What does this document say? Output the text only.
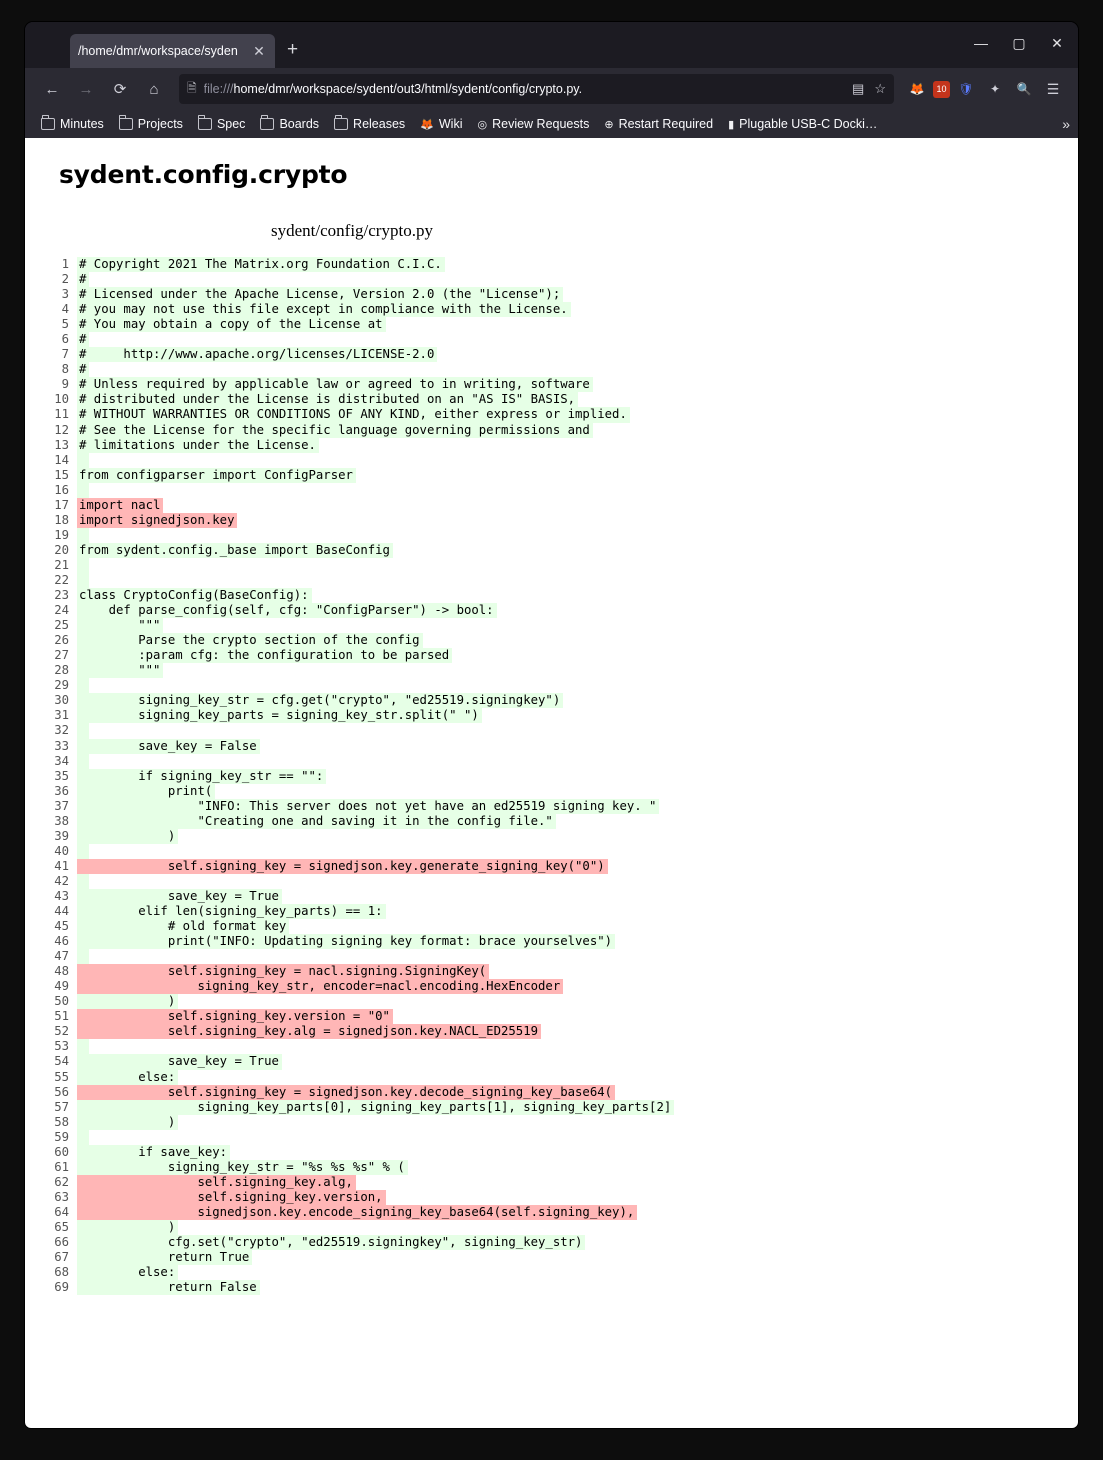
/home/dmr/workspace/syden	✕ +	—	▢	✕
←	→	⟳	⌂	🗎 file:///home/dmr/workspace/sydent/out3/html/sydent/config/crypto.py.	▤ ☆	🦊	10 🛡	✦	🔍	☰
Minutes	Projects	Spec	Boards	Releases 🦊 Wiki ◎ Review Requests ⊕ Restart Required ▮ Plugable USB-C Docki…	»
sydent.config.crypto
sydent/config/crypto.py
1 # Copyright 2021 The Matrix.org Foundation C.I.C.
2 #
3 # Licensed under the Apache License, Version 2.0 (the "License");
4 # you may not use this file except in compliance with the License.
5 # You may obtain a copy of the License at
6 #
7 #     http://www.apache.org/licenses/LICENSE-2.0
8 #
9 # Unless required by applicable law or agreed to in writing, software
10 # distributed under the License is distributed on an "AS IS" BASIS,
11 # WITHOUT WARRANTIES OR CONDITIONS OF ANY KIND, either express or implied.
12 # See the License for the specific language governing permissions and
13 # limitations under the License.
14

15 from configparser import ConfigParser
16

17 import nacl
18 import signedjson.key
19

20 from sydent.config._base import BaseConfig
21

22

23 class CryptoConfig(BaseConfig):
24 def parse_config(self, cfg: "ConfigParser") -> bool:
25 """
26 Parse the crypto section of the config
27 :param cfg: the configuration to be parsed
28 """
29

30 signing_key_str = cfg.get("crypto", "ed25519.signingkey")
31 signing_key_parts = signing_key_str.split(" ")
32

33 save_key = False
34

35 if signing_key_str == "":
36 print(
37 "INFO: This server does not yet have an ed25519 signing key. "
38 "Creating one and saving it in the config file."
39 )
40

41 self.signing_key = signedjson.key.generate_signing_key("0")
42

43 save_key = True
44 elif len(signing_key_parts) == 1:
45 # old format key
46 print("INFO: Updating signing key format: brace yourselves")
47

48 self.signing_key = nacl.signing.SigningKey(
49 signing_key_str, encoder=nacl.encoding.HexEncoder
50 )
51 self.signing_key.version = "0"
52 self.signing_key.alg = signedjson.key.NACL_ED25519
53

54 save_key = True
55 else:
56 self.signing_key = signedjson.key.decode_signing_key_base64(
57 signing_key_parts[0], signing_key_parts[1], signing_key_parts[2]
58 )
59

60 if save_key:
61 signing_key_str = "%s %s %s" % (
62 self.signing_key.alg,
63 self.signing_key.version,
64 signedjson.key.encode_signing_key_base64(self.signing_key),
65 )
66 cfg.set("crypto", "ed25519.signingkey", signing_key_str)
67 return True
68 else:
69 return False
